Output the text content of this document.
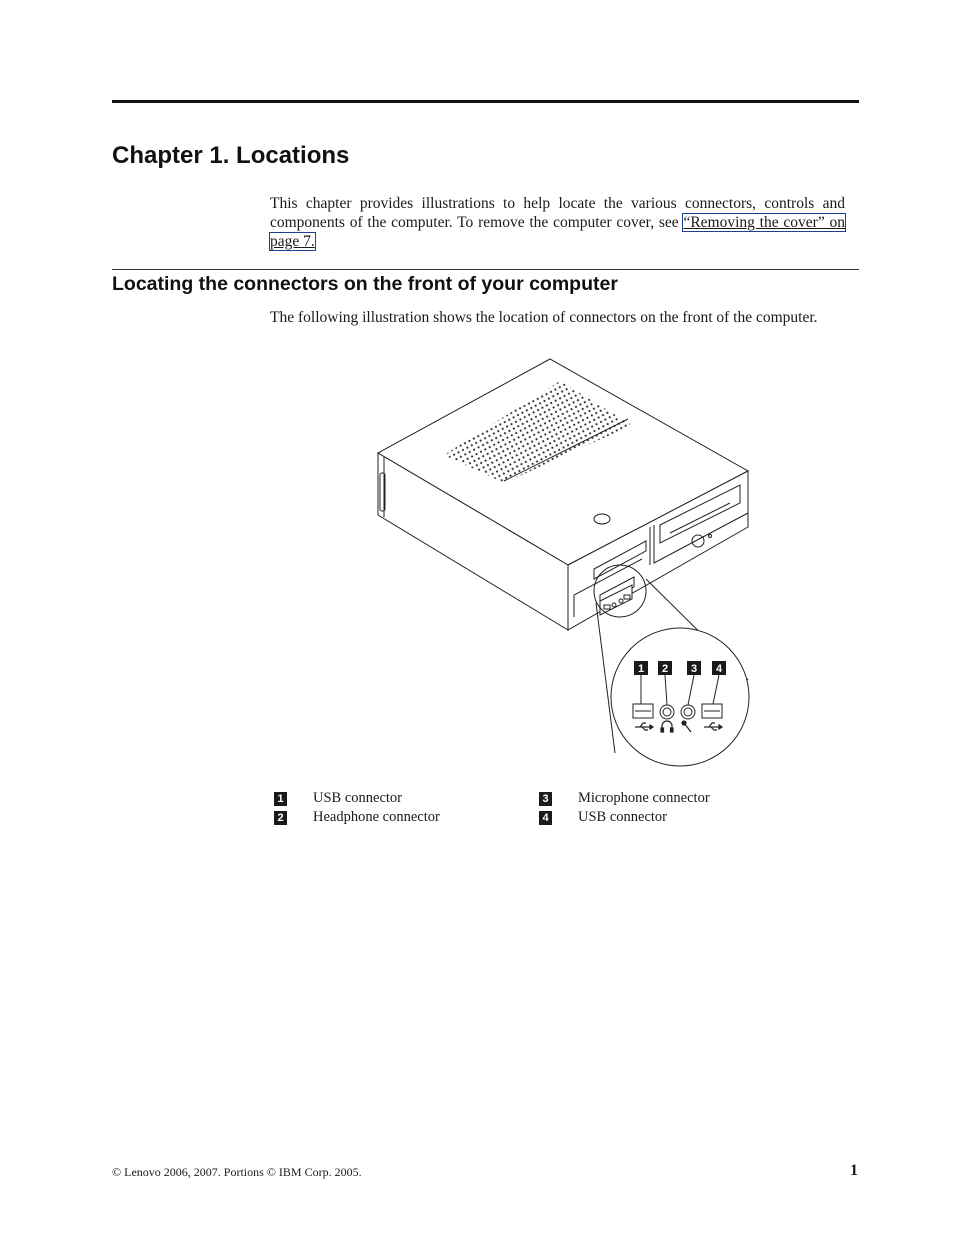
Chapter 1. Locations

This chapter provides illustrations to help locate the various connectors, controls and components of the computer. To remove the computer cover, see “Removing the cover” on page 7.

Locating the connectors on the front of your computer

The following illustration shows the location of connectors on the front of the computer.

1 2 3 4
1 USB connector
2 Headphone connector
3 Microphone connector
4 USB connector
© Lenovo 2006, 2007. Portions © IBM Corp. 2005.	1
